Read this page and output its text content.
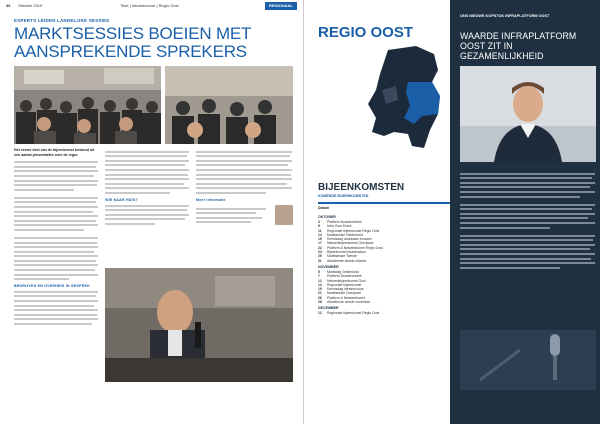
36 Oktober 2019	Tiket | Infrastructuur | Regio Oost	REGIONAAL
EXPERTS LEIDEN LANDELIJKE SESSIES
MARKTSESSIES BOEIEN MET AANSPREKENDE SPREKERS
Het eerste deel van de bijeenkomst bestond uit een aantal presentaties over de regio.
BEDRIJVEN EN OVERHEID IN GESPREK
WIE NAAR HUIS?	Meer informatie
REGIO OOST
BIJEENKOMSTEN
KOMENDE BIJEENKOMSTEN
Datum
OKTOBER
3	Platform Bouwtechniek
9	Infra Oost Event
11	Regionale bijeenkomst Regio Oost
14	Marktsessie Gelderland
15	Kennisdag duurzaam bouwen
17	Netwerkbijeenkomst Overijssel
22	Platform & Netwerkborrel Regio Oost
24	Bijeenkomst infrastructuur
29	Marktsessie Twente
31	Afsluitende sessie oktober
NOVEMBER
5	Marktdag Gelderland
7	Platform Bouwtechniek
12	Netwerkbijeenkomst Oost
14	Regionale bijeenkomst
19	Kennisdag infrastructuur
21	Marktsessie Overijssel
26	Platform & Netwerkborrel
28	Afsluitende sessie november
DECEMBER
12	Regionale bijeenkomst Regio Oost
ONS NIEUWE KOPSTUK INFRAPLATFORM OOST
WAARDE INFRAPLATFORM OOST ZIT IN GEZAMENLIJKHEID
